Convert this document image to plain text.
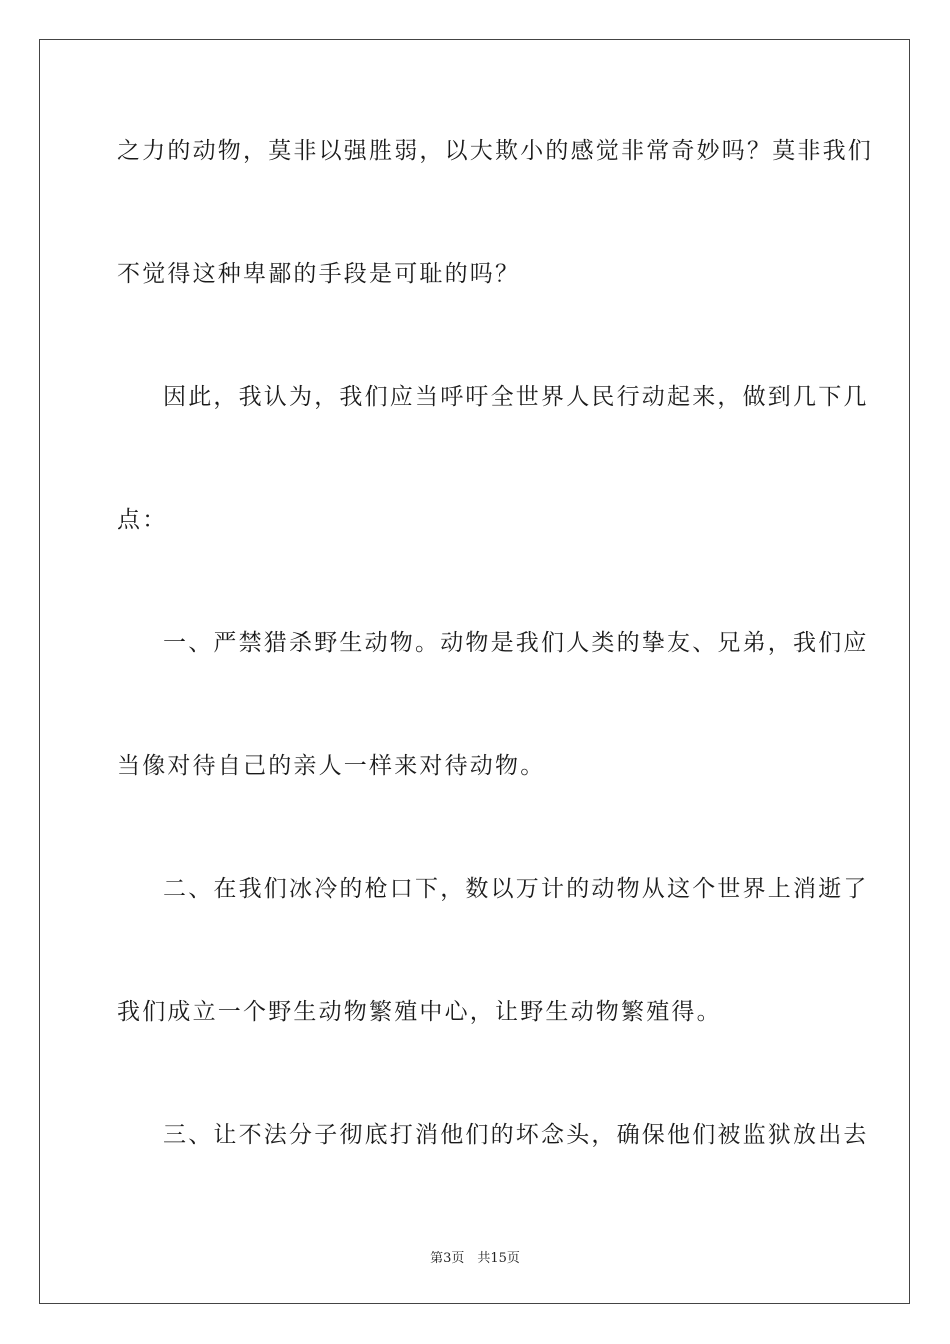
之力的动物，莫非以强胜弱，以大欺小的感觉非常奇妙吗？莫非我们
不觉得这种卑鄙的手段是可耻的吗？
因此，我认为，我们应当呼吁全世界人民行动起来，做到几下几
点：
一、严禁猎杀野生动物。动物是我们人类的挚友、兄弟，我们应
当像对待自己的亲人一样来对待动物。
二、在我们冰冷的枪口下，数以万计的动物从这个世界上消逝了
我们成立一个野生动物繁殖中心，让野生动物繁殖得。
三、让不法分子彻底打消他们的坏念头，确保他们被监狱放出去
第3页　共15页
